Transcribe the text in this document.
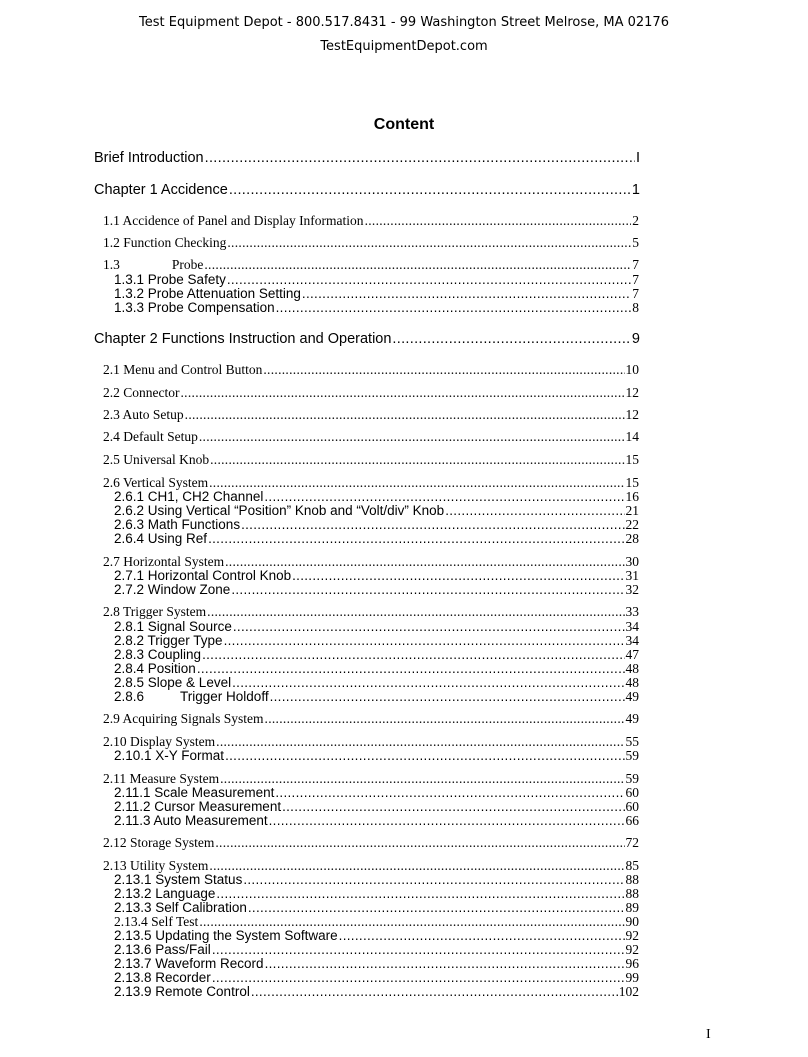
Test Equipment Depot - 800.517.8431 - 99 Washington Street Melrose, MA 02176
TestEquipmentDepot.com
Content
Brief Introduction .....	I
Chapter 1 Accidence .....	1
1.1 Accidence of Panel and Display Information .....	2
1.2 Function Checking .....	5
1.3	Probe .....	7
1.3.1 Probe Safety .....	7
1.3.2 Probe Attenuation Setting .....	7
1.3.3 Probe Compensation .....	8
Chapter 2 Functions Instruction and Operation .....	9
2.1 Menu and Control Button .....	10
2.2 Connector .....	12
2.3 Auto Setup .....	12
2.4 Default Setup .....	14
2.5 Universal Knob .....	15
2.6 Vertical System .....	15
2.6.1 CH1, CH2 Channel .....	16
2.6.2 Using Vertical “Position” Knob and “Volt/div” Knob .....	21
2.6.3 Math Functions .....	22
2.6.4 Using Ref .....	28
2.7 Horizontal System .....	30
2.7.1 Horizontal Control Knob .....	31
2.7.2 Window Zone .....	32
2.8 Trigger System .....	33
2.8.1 Signal Source .....	34
2.8.2 Trigger Type .....	34
2.8.3 Coupling .....	47
2.8.4 Position .....	48
2.8.5 Slope & Level .....	48
2.8.6	Trigger Holdoff .....	49
2.9 Acquiring Signals System .....	49
2.10 Display System .....	55
2.10.1 X-Y Format .....	59
2.11 Measure System .....	59
2.11.1 Scale Measurement .....	60
2.11.2 Cursor Measurement .....	60
2.11.3 Auto Measurement .....	66
2.12 Storage System .....	72
2.13 Utility System .....	85
2.13.1 System Status .....	88
2.13.2 Language .....	88
2.13.3 Self Calibration .....	89
2.13.4 Self Test .....	90
2.13.5 Updating the System Software .....	92
2.13.6 Pass/Fail .....	92
2.13.7 Waveform Record .....	96
2.13.8 Recorder .....	99
2.13.9 Remote Control .....	102
I
